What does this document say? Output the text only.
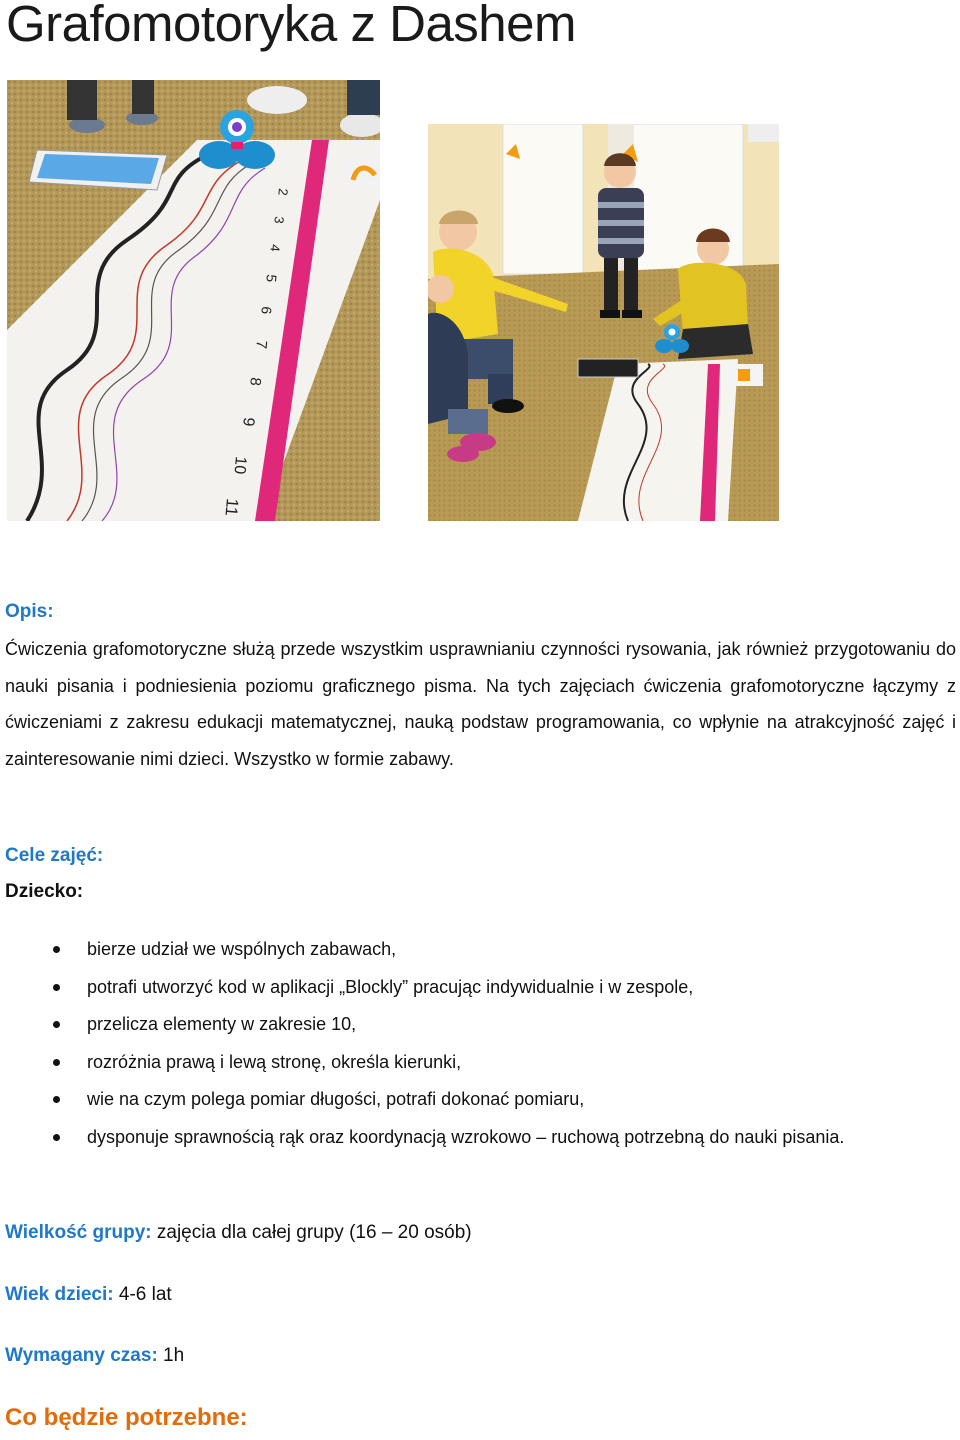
Grafomotoryka z Dashem
2
3
4
5
6
7
8
9
10
11
Opis:

Ćwiczenia grafomotoryczne służą przede wszystkim usprawnianiu czynności rysowania, jak również przygotowaniu do nauki pisania i podniesienia poziomu graficznego pisma. Na tych zajęciach ćwiczenia grafomotoryczne łączymy z ćwiczeniami z zakresu edukacji matematycznej, nauką podstaw programowania, co wpłynie na atrakcyjność zajęć i zainteresowanie nimi dzieci. Wszystko w formie zabawy.

Cele zajęć:
Dziecko:
bierze udział we wspólnych zabawach,
potrafi utworzyć kod w aplikacji „Blockly” pracując indywidualnie i w zespole,
przelicza elementy w zakresie 10,
rozróżnia prawą i lewą stronę, określa kierunki,
wie na czym polega pomiar długości, potrafi dokonać pomiaru,
dysponuje sprawnością rąk oraz koordynacją wzrokowo – ruchową potrzebną do nauki pisania.
Wielkość grupy: zajęcia dla całej grupy (16 – 20 osób)
Wiek dzieci: 4-6 lat
Wymagany czas: 1h
Co będzie potrzebne:
